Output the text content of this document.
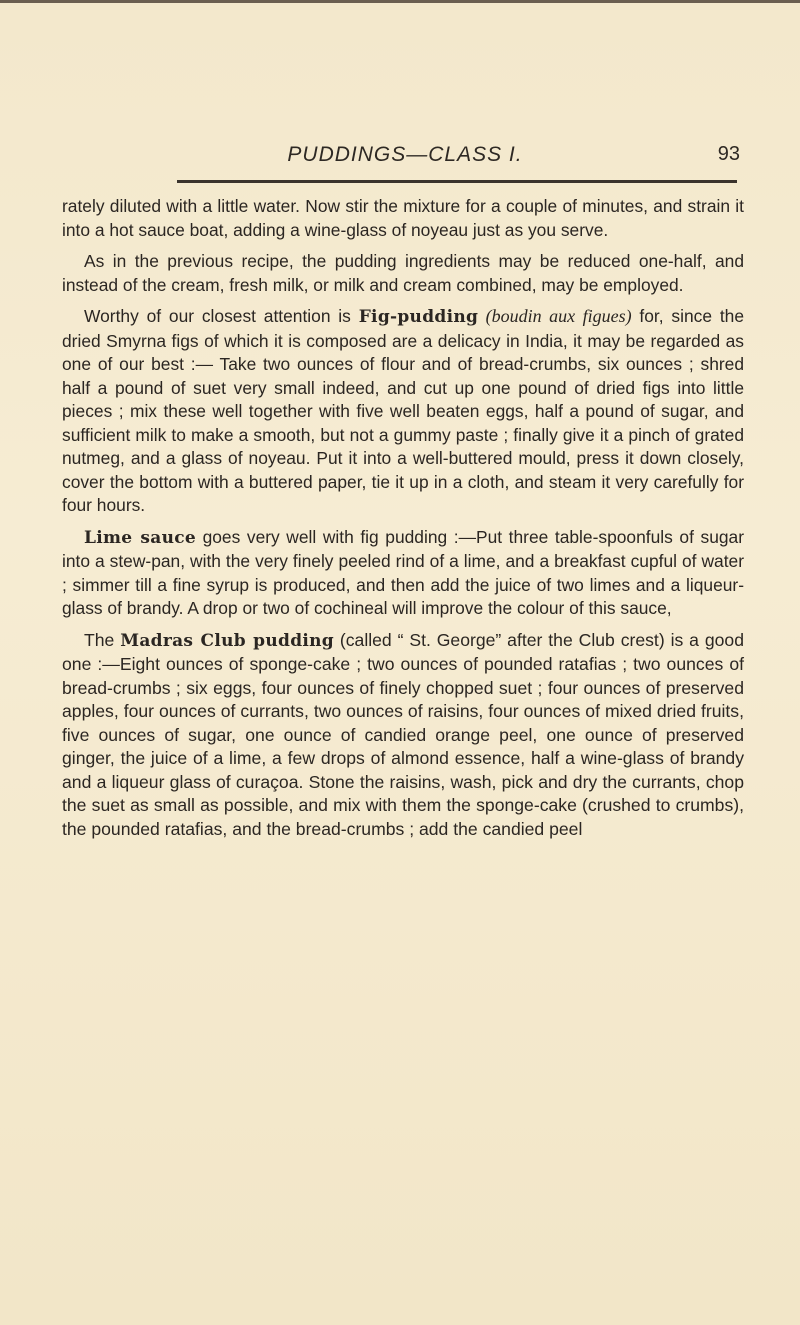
PUDDINGS—CLASS I.	93

rately diluted with a little water. Now stir the mixture for a couple of minutes, and strain it into a hot sauce boat, adding a wine-glass of noyeau just as you serve.

As in the previous recipe, the pudding ingredients may be reduced one-half, and instead of the cream, fresh milk, or milk and cream combined, may be employed.

Worthy of our closest attention is Fig-pudding (boudin aux figues) for, since the dried Smyrna figs of which it is composed are a delicacy in India, it may be regarded as one of our best :— Take two ounces of flour and of bread-crumbs, six ounces ; shred half a pound of suet very small indeed, and cut up one pound of dried figs into little pieces ; mix these well together with five well beaten eggs, half a pound of sugar, and sufficient milk to make a smooth, but not a gummy paste ; finally give it a pinch of grated nutmeg, and a glass of noyeau. Put it into a well-buttered mould, press it down closely, cover the bottom with a buttered paper, tie it up in a cloth, and steam it very carefully for four hours.

Lime sauce goes very well with fig pudding :—Put three table-spoonfuls of sugar into a stew-pan, with the very finely peeled rind of a lime, and a breakfast cupful of water ; simmer till a fine syrup is produced, and then add the juice of two limes and a liqueur-glass of brandy. A drop or two of cochineal will improve the colour of this sauce,

The Madras Club pudding (called “ St. George” after the Club crest) is a good one :—Eight ounces of sponge-cake ; two ounces of pounded ratafias ; two ounces of bread-crumbs ; six eggs, four ounces of finely chopped suet ; four ounces of preserved apples, four ounces of currants, two ounces of raisins, four ounces of mixed dried fruits, five ounces of sugar, one ounce of candied orange peel, one ounce of preserved ginger, the juice of a lime, a few drops of almond essence, half a wine-glass of brandy and a liqueur glass of curaçoa. Stone the raisins, wash, pick and dry the currants, chop the suet as small as possible, and mix with them the sponge-cake (crushed to crumbs), the pounded ratafias, and the bread-crumbs ; add the candied peel
